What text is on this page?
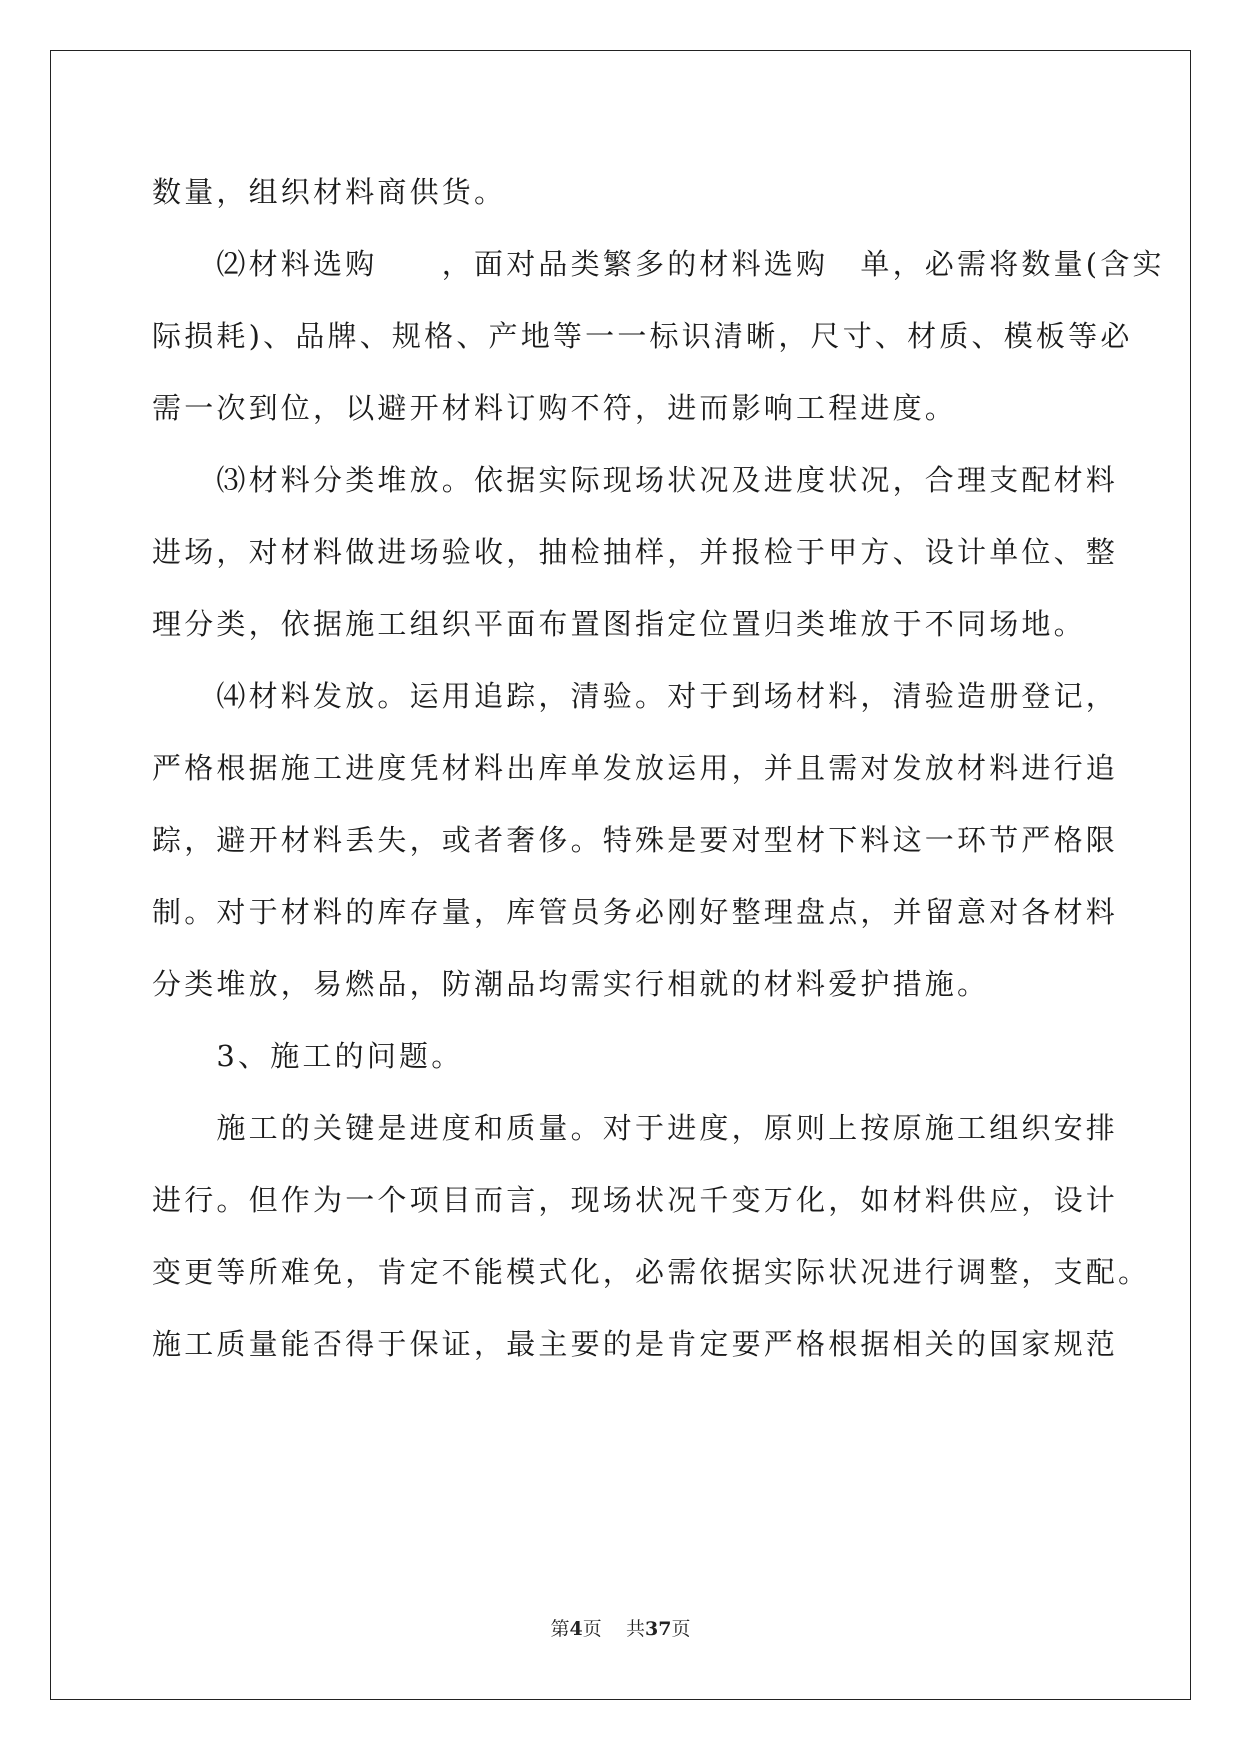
数量，组织材料商供货。
　　⑵材料选购　　，面对品类繁多的材料选购　单，必需将数量(含实
际损耗)、品牌、规格、产地等一一标识清晰，尺寸、材质、模板等必
需一次到位，以避开材料订购不符，进而影响工程进度。
　　⑶材料分类堆放。依据实际现场状况及进度状况，合理支配材料
进场，对材料做进场验收，抽检抽样，并报检于甲方、设计单位、整
理分类，依据施工组织平面布置图指定位置归类堆放于不同场地。
　　⑷材料发放。运用追踪，清验。对于到场材料，清验造册登记，
严格根据施工进度凭材料出库单发放运用，并且需对发放材料进行追
踪，避开材料丢失，或者奢侈。特殊是要对型材下料这一环节严格限
制。对于材料的库存量，库管员务必刚好整理盘点，并留意对各材料
分类堆放，易燃品，防潮品均需实行相就的材料爱护措施。
　　3、施工的问题。
　　施工的关键是进度和质量。对于进度，原则上按原施工组织安排
进行。但作为一个项目而言，现场状况千变万化，如材料供应，设计
变更等所难免，肯定不能模式化，必需依据实际状况进行调整，支配。
施工质量能否得于保证，最主要的是肯定要严格根据相关的国家规范
第4页 共37页
